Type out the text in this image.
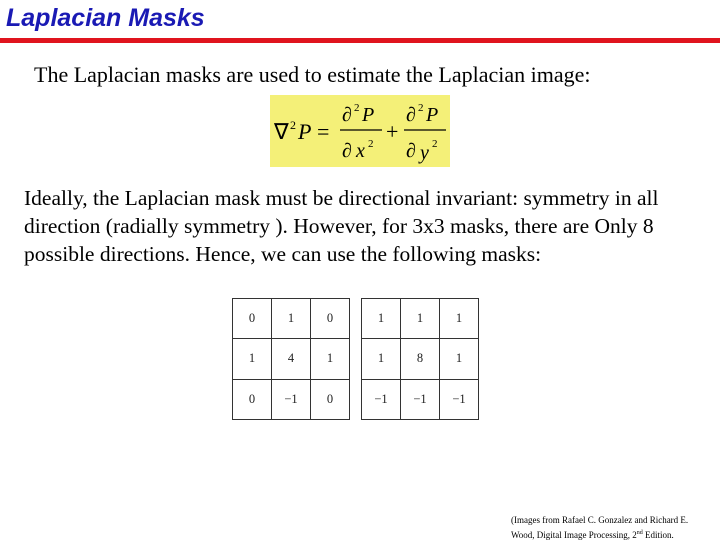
Laplacian Masks
The Laplacian masks are used to estimate the Laplacian image:
∇ 2 P =
∂ 2 P
∂ x 2 +
∂ 2 P
∂ y 2
Ideally, the Laplacian mask must be directional invariant: symmetry in all direction (radially symmetry ). However, for 3x3 masks, there are Only 8 possible directions. Hence, we can use the following masks:
0	1	0
1	4	1
0	−1	0
1	1	1
1	8	1
−1	−1	−1
(Images from Rafael C. Gonzalez and Richard E.
Wood, Digital Image Processing, 2nd Edition.
